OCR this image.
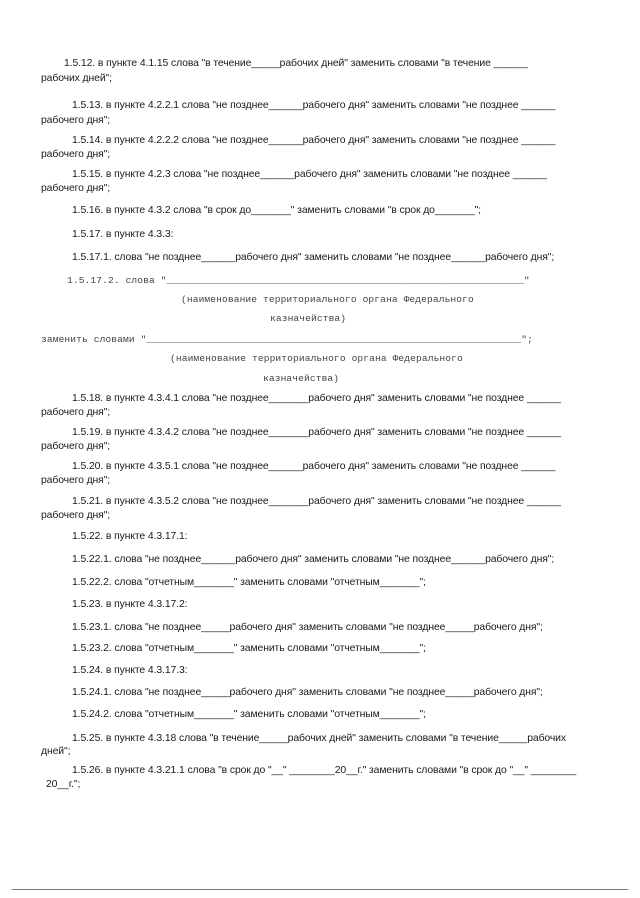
1.5.12. в пункте 4.1.15 слова "в течение_____рабочих дней" заменить словами "в течение ______
рабочих дней";
1.5.13. в пункте 4.2.2.1 слова "не позднее______рабочего дня" заменить словами "не позднее ______
рабочего дня";
1.5.14. в пункте 4.2.2.2 слова "не позднее______рабочего дня" заменить словами "не позднее ______
рабочего дня";
1.5.15. в пункте 4.2.3 слова "не позднее______рабочего дня" заменить словами "не позднее ______
рабочего дня";
1.5.16. в пункте 4.3.2 слова "в срок до_______" заменить словами "в срок до_______";
1.5.17. в пункте 4.3.3:
1.5.17.1. слова "не позднее______рабочего дня" заменить словами "не позднее______рабочего дня";
1.5.17.2. слова "_____________________________________________________________"
(наименование территориального органа Федерального
казначейства)
заменить словами "________________________________________________________________";
(наименование территориального органа Федерального
казначейства)
1.5.18. в пункте 4.3.4.1 слова "не позднее_______рабочего дня" заменить словами "не позднее ______
рабочего дня";
1.5.19. в пункте 4.3.4.2 слова "не позднее_______рабочего дня" заменить словами "не позднее ______
рабочего дня";
1.5.20. в пункте 4.3.5.1 слова "не позднее______рабочего дня" заменить словами "не позднее ______
рабочего дня";
1.5.21. в пункте 4.3.5.2 слова "не позднее_______рабочего дня" заменить словами "не позднее ______
рабочего дня";
1.5.22. в пункте 4.3.17.1:
1.5.22.1. слова "не позднее______рабочего дня" заменить словами "не позднее______рабочего дня";
1.5.22.2. слова "отчетным_______" заменить словами "отчетным_______";
1.5.23. в пункте 4.3.17.2:
1.5.23.1. слова "не позднее_____рабочего дня" заменить словами "не позднее_____рабочего дня";
1.5.23.2. слова "отчетным_______" заменить словами "отчетным_______";
1.5.24. в пункте 4.3.17.3:
1.5.24.1. слова "не позднее_____рабочего дня" заменить словами "не позднее_____рабочего дня";
1.5.24.2. слова "отчетным_______" заменить словами "отчетным_______";
1.5.25. в пункте 4.3.18 слова "в течение_____рабочих дней" заменить словами "в течение_____рабочих
дней";
1.5.26. в пункте 4.3.21.1 слова "в срок до "__" ________20__г." заменить словами "в срок до "__" ________
20__г.";
